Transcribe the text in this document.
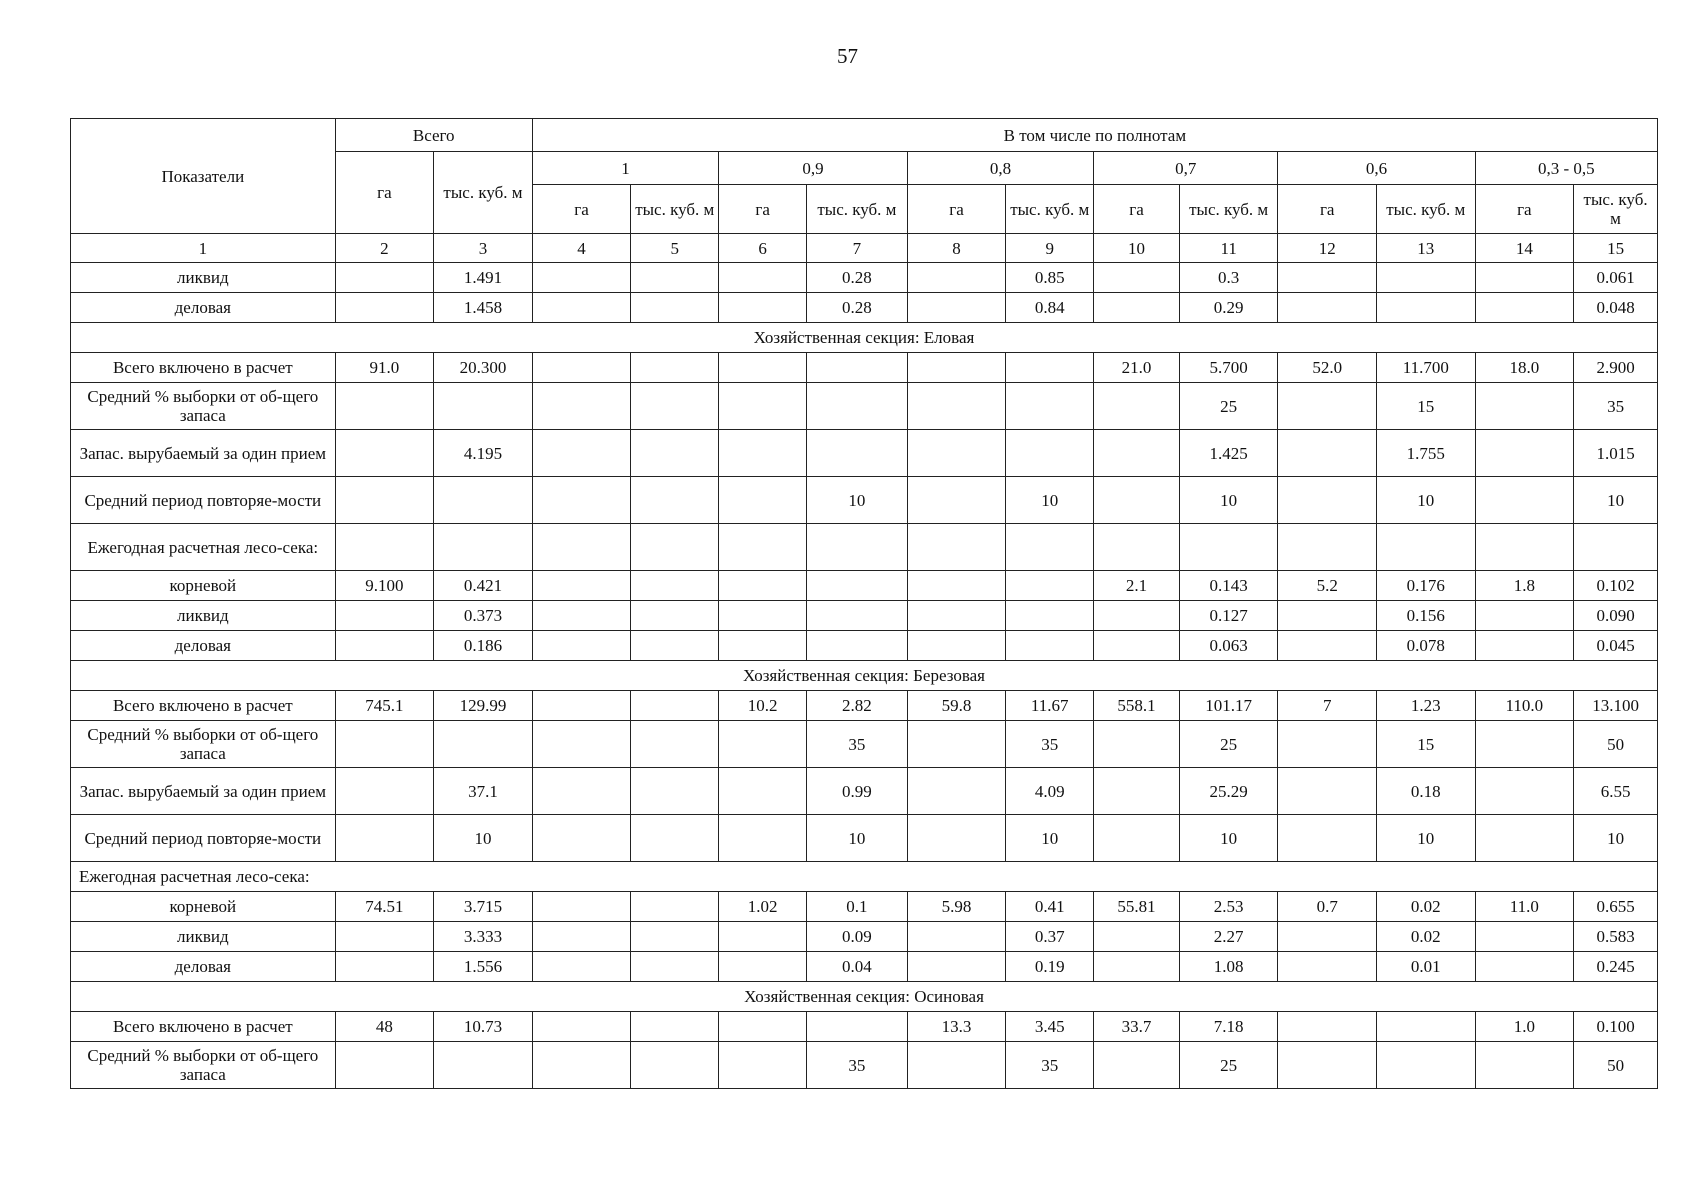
57
Показатели	Всего		В том числе по полнотам											
	га	тыс. куб. м	1		0,9		0,8		0,7		0,6		0,3 - 0,5	
			га	тыс. куб. м	га	тыс. куб. м	га	тыс. куб. м	га	тыс. куб. м	га	тыс. куб. м	га	тыс. куб. м
1	2	3	4	5	6	7	8	9	10	11	12	13	14	15
ликвид		1.491				0.28		0.85		0.3				0.061
деловая		1.458				0.28		0.84		0.29				0.048
Хозяйственная секция: Еловая														
Всего включено в расчет	91.0	20.300							21.0	5.700	52.0	11.700	18.0	2.900
Средний % выборки от об-щего запаса										25		15		35
Запас. вырубаемый за один прием		4.195								1.425		1.755		1.015
Средний период повторяе-мости						10		10		10		10		10
Ежегодная расчетная лесо-сека:														
корневой	9.100	0.421							2.1	0.143	5.2	0.176	1.8	0.102
ликвид		0.373								0.127		0.156		0.090
деловая		0.186								0.063		0.078		0.045
Хозяйственная секция: Березовая														
Всего включено в расчет	745.1	129.99			10.2	2.82	59.8	11.67	558.1	101.17	7	1.23	110.0	13.100
Средний % выборки от об-щего запаса						35		35		25		15		50
Запас. вырубаемый за один прием		37.1				0.99		4.09		25.29		0.18		6.55
Средний период повторяе-мости		10				10		10		10		10		10
Ежегодная расчетная лесо-сека:														
корневой	74.51	3.715			1.02	0.1	5.98	0.41	55.81	2.53	0.7	0.02	11.0	0.655
ликвид		3.333				0.09		0.37		2.27		0.02		0.583
деловая		1.556				0.04		0.19		1.08		0.01		0.245
Хозяйственная секция: Осиновая														
Всего включено в расчет	48	10.73					13.3	3.45	33.7	7.18			1.0	0.100
Средний % выборки от об-щего запаса						35		35		25				50
